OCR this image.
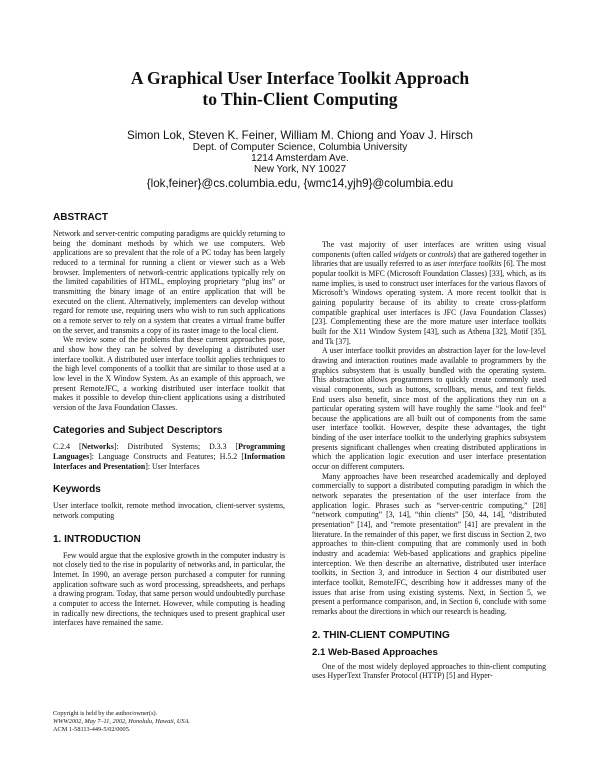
A Graphical User Interface Toolkit Approach
to Thin-Client Computing
Simon Lok, Steven K. Feiner, William M. Chiong and Yoav J. Hirsch
Dept. of Computer Science, Columbia University
1214 Amsterdam Ave.
New York, NY 10027
{lok,feiner}@cs.columbia.edu, {wmc14,yjh9}@columbia.edu
ABSTRACT

Network and server-centric computing paradigms are quickly returning to being the dominant methods by which we use computers. Web applications are so prevalent that the role of a PC today has been largely reduced to a terminal for running a client or viewer such as a Web browser. Implementers of network-centric applications typically rely on the limited capabilities of HTML, employing proprietary “plug ins” or transmitting the binary image of an entire application that will be executed on the client. Alternatively, implementers can develop without regard for remote use, requiring users who wish to run such applications on a remote server to rely on a system that creates a virtual frame buffer on the server, and transmits a copy of its raster image to the local client.

We review some of the problems that these current approaches pose, and show how they can be solved by developing a distributed user interface toolkit. A distributed user interface toolkit applies techniques to the high level components of a toolkit that are similar to those used at a low level in the X Window System. As an example of this approach, we present RemoteJFC, a working distributed user interface toolkit that makes it possible to develop thin-client applications using a distributed version of the Java Foundation Classes.

Categories and Subject Descriptors

C.2.4 [Networks]: Distributed Systems; D.3.3 [Programming Languages]: Language Constructs and Features; H.5.2 [Information Interfaces and Presentation]: User Interfaces

Keywords

User interface toolkit, remote method invocation, client-server systems, network computing

1. INTRODUCTION

Few would argue that the explosive growth in the computer industry is not closely tied to the rise in popularity of networks and, in particular, the Internet. In 1990, an average person purchased a computer for running application software such as word processing, spreadsheets, and perhaps a drawing program. Today, that same person would undoubtedly purchase a computer to access the Internet. However, while computing is heading in radically new directions, the techniques used to present graphical user interfaces have remained the same.

Copyright is held by the author/owner(s).
WWW2002, May 7–11, 2002, Honolulu, Hawaii, USA.
ACM 1-58113-449-5/02/0005.

The vast majority of user interfaces are written using visual components (often called widgets or controls) that are gathered together in libraries that are usually referred to as user interface toolkits [6]. The most popular toolkit is MFC (Microsoft Foundation Classes) [33], which, as its name implies, is used to construct user interfaces for the various flavors of Microsoft’s Windows operating system. A more recent toolkit that is gaining popularity because of its ability to create cross-platform compatible graphical user interfaces is JFC (Java Foundation Classes) [23]. Complementing these are the more mature user interface toolkits built for the X11 Window System [43], such as Athena [32], Motif [35], and Tk [37].

A user interface toolkit provides an abstraction layer for the low-level drawing and interaction routines made available to programmers by the graphics subsystem that is usually bundled with the operating system. This abstraction allows programmers to quickly create commonly used visual components, such as buttons, scrollbars, menus, and text fields. End users also benefit, since most of the applications they run on a particular operating system will have roughly the same “look and feel” because the applications are all built out of components from the same user interface toolkit. However, despite these advantages, the tight binding of the user interface toolkit to the underlying graphics subsystem presents significant challenges when creating distributed applications in which the application logic execution and user interface presentation occur on different computers.

Many approaches have been researched academically and deployed commercially to support a distributed computing paradigm in which the network separates the presentation of the user interface from the application logic. Phrases such as “server-centric computing,” [28] “network computing” [3, 14], “thin clients” [50, 44, 14], “distributed presentation” [14], and “remote presentation” [41] are prevalent in the literature. In the remainder of this paper, we first discuss in Section 2, two approaches to thin-client computing that are commonly used in both industry and academia: Web-based applications and graphics pipeline interception. We then describe an alternative, distributed user interface toolkits, in Section 3, and introduce in Section 4 our distributed user interface toolkit, RemoteJFC, describing how it addresses many of the issues that arise from using existing systems. Next, in Section 5, we present a performance comparison, and, in Section 6, conclude with some remarks about the directions in which our research is heading.

2. THIN-CLIENT COMPUTING
2.1 Web-Based Approaches

One of the most widely deployed approaches to thin-client computing uses HyperText Transfer Protocol (HTTP) [5] and Hyper-
